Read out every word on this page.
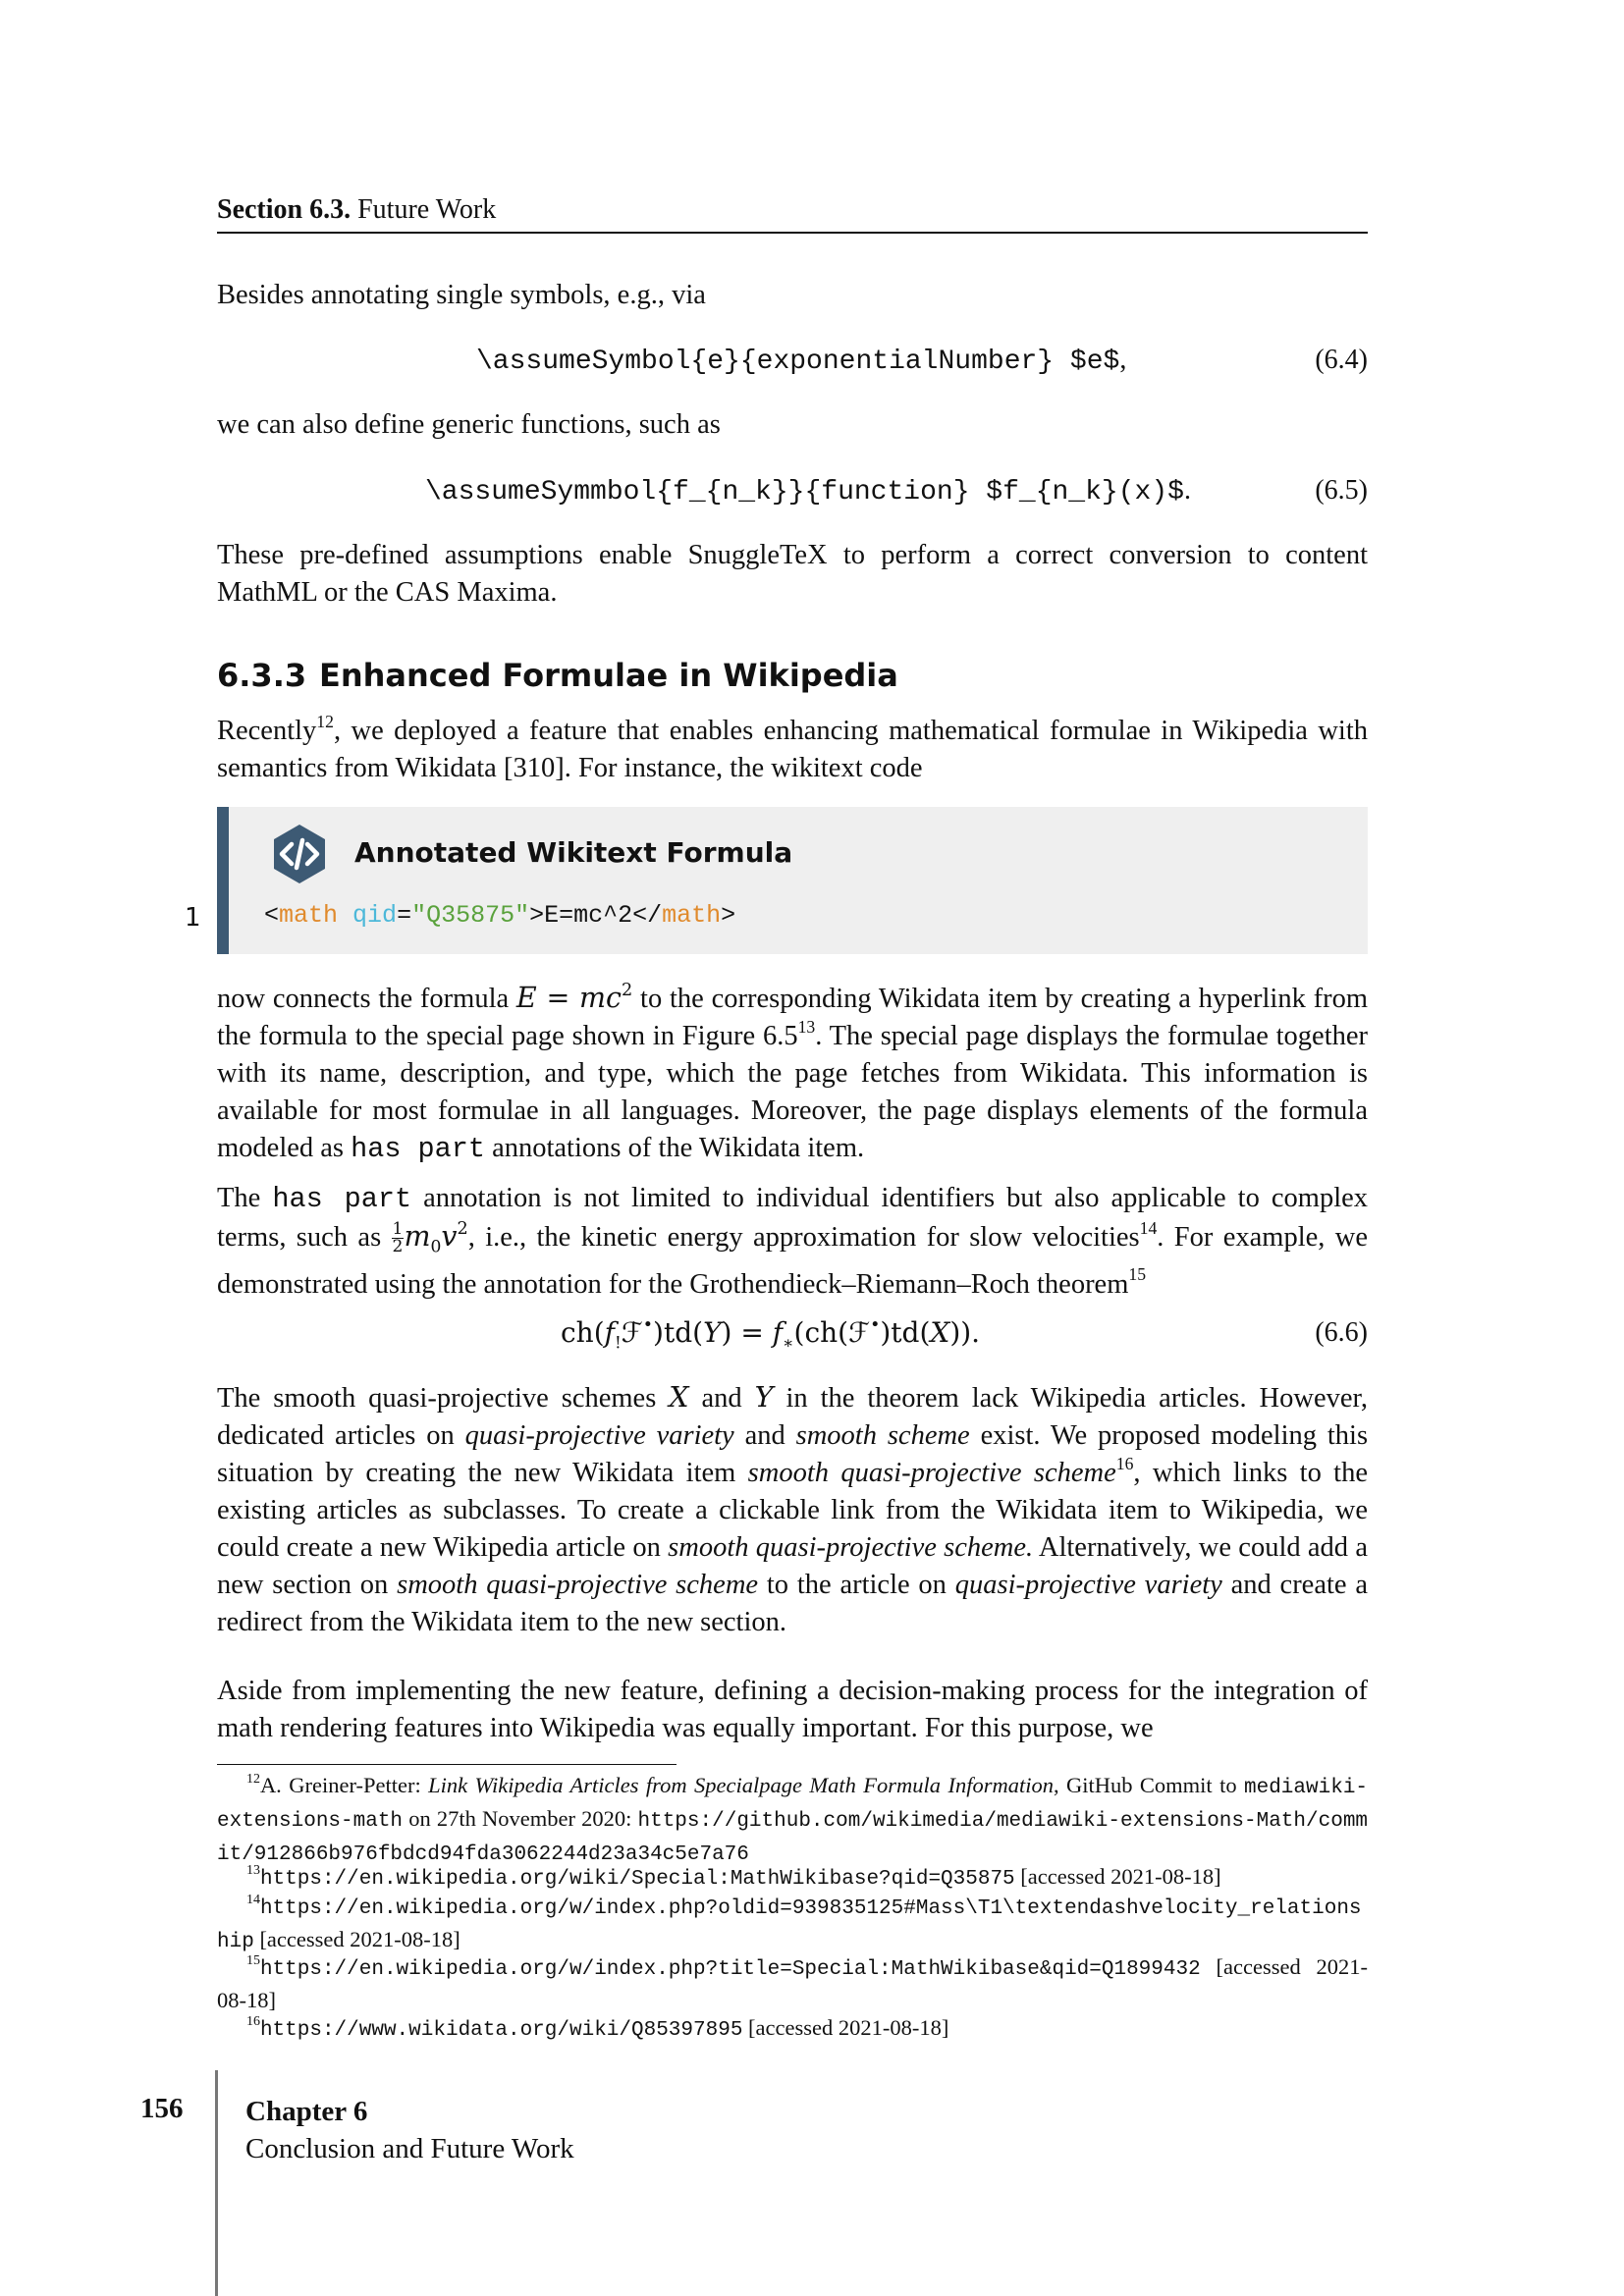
Section 6.3. Future Work
Besides annotating single symbols, e.g., via
\assumeSymbol{e}{exponentialNumber} $e$,	(6.4)
we can also define generic functions, such as
\assumeSymmbol{f_{n_k}}{function} $f_{n_k}(x)$.	(6.5)
These pre-defined assumptions enable SnuggleTeX to perform a correct conversion to content MathML or the CAS Maxima.
6.3.3 Enhanced Formulae in Wikipedia
Recently$^{12}$, we deployed a feature that enables enhancing mathematical formulae in Wikipedia with semantics from Wikidata [310]. For instance, the wikitext code
Annotated Wikitext Formula
<math qid="Q35875">E=mc^2</math>
1
now connects the formula $E = mc^2$ to the corresponding Wikidata item by creating a hyperlink from the formula to the special page shown in Figure $6.5^{13}$. The special page displays the formulae together with its name, description, and type, which the page fetches from Wikidata. This information is available for most formulae in all languages. Moreover, the page displays elements of the formula modeled as has part annotations of the Wikidata item.
The has part annotation is not limited to individual identifiers but also applicable to complex terms, such as $\frac{1}{2} m_0v^2$, i.e., the kinetic energy approximation for slow velocities$^{14}$. For example, we demonstrated using the annotation for the Grothendieck–Riemann–Roch theorem$^{15}$
$ch(f_!ℱ^•)td(Y)$ = $f_∗(ch(ℱ^•)td(X))$.	(6.6)
The smooth quasi-projective schemes X and Y in the theorem lack Wikipedia articles. However, dedicated articles on quasi-projective variety and smooth scheme exist. We proposed modeling this situation by creating the new Wikidata item smooth quasi-projective scheme$^{16}$, which links to the existing articles as subclasses. To create a clickable link from the Wikidata item to Wikipedia, we could create a new Wikipedia article on smooth quasi-projective scheme. Alternatively, we could add a new section on smooth quasi-projective scheme to the article on quasi-projective variety and create a redirect from the Wikidata item to the new section.
Aside from implementing the new feature, defining a decision-making process for the integration of math rendering features into Wikipedia was equally important. For this purpose, we
$^{12}$A. Greiner-Petter: Link Wikipedia Articles from Specialpage Math Formula Information, GitHub Commit to mediawiki-extensions-math on 27th November 2020: https://github.com/wikimedia/mediawiki-extensions-Math/commit/912866b976fbdcd94fda3062244d23a34c5e7a76
$^{13}$https://en.wikipedia.org/wiki/Special:MathWikibase?qid=Q35875 [accessed 2021-08-18]
$^{14}$https://en.wikipedia.org/w/index.php?oldid=939835125#Mass\T1\textendashvelocity_relationship [accessed 2021-08-18]
$^{15}$https://en.wikipedia.org/w/index.php?title=Special:MathWikibase&qid=Q1899432 [accessed 2021-08-18]
$^{16}$https://www.wikidata.org/wiki/Q85397895 [accessed 2021-08-18]
156 Chapter 6
Conclusion and Future Work
